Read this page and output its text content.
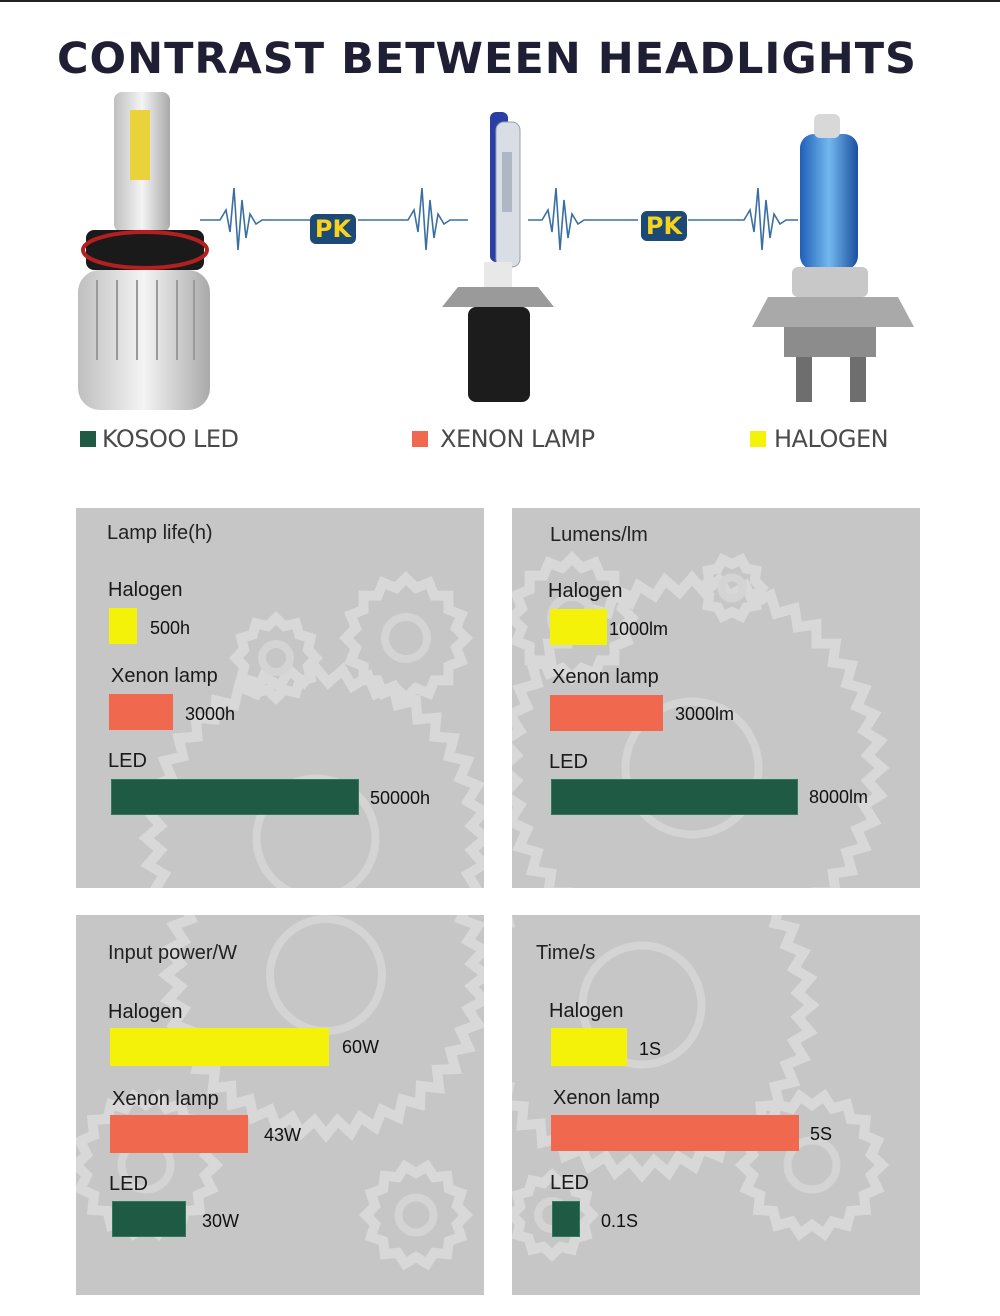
CONTRAST BETWEEN HEADLIGHTS
PK	PK
KOSOO LED	XENON LAMP	HALOGEN
Lamp life(h)
Halogen
Xenon lamp
LED
500h
3000h
50000h
Lumens/lm
Halogen
Xenon lamp
LED
1000lm
3000lm
8000lm
Input power/W
Halogen
Xenon lamp
LED
60W
43W
30W
Time/s
Halogen
Xenon lamp
LED
1S
5S
0.1S
